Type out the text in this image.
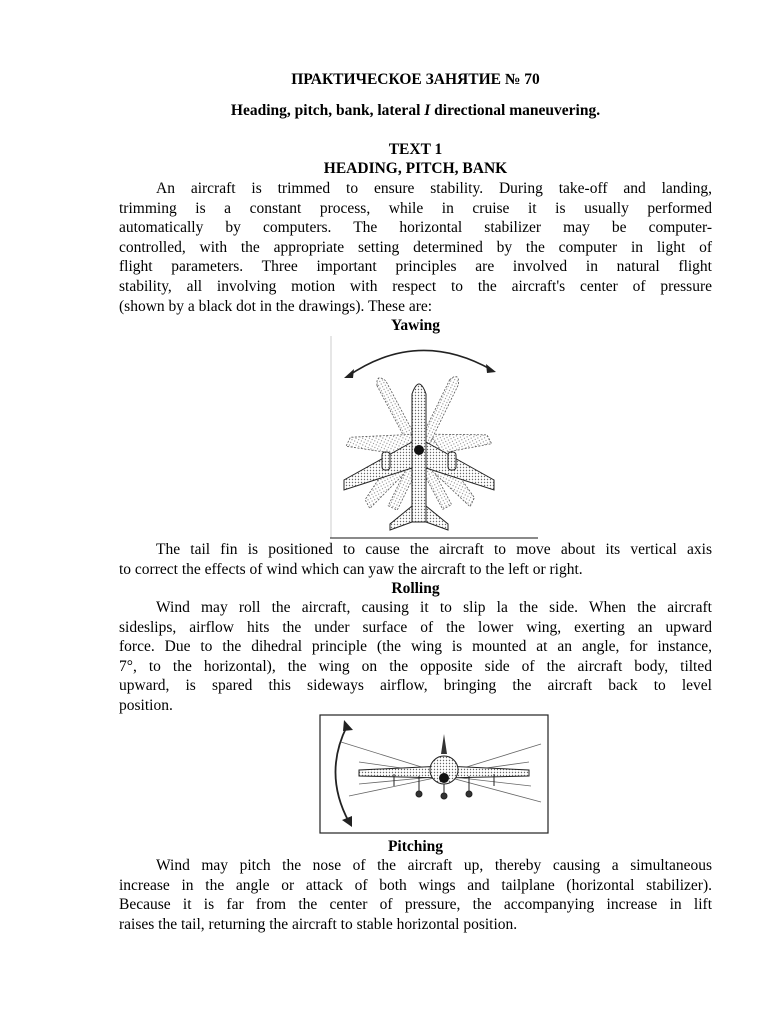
ПРАКТИЧЕСКОЕ ЗАНЯТИЕ № 70
Heading, pitch, bank, lateral I directional maneuvering.
TEXT 1
HEADING, PITCH, BANK
An aircraft is trimmed to ensure stability. During take-off and landing,
trimming is a constant process, while in cruise it is usually performed
automatically by computers. The horizontal stabilizer may be computer-
controlled, with the appropriate setting determined by the computer in light of
flight parameters. Three important principles are involved in natural flight
stability, all involving motion with respect to the aircraft's center of pressure
(shown by a black dot in the drawings). These are:
Yawing
The tail fin is positioned to cause the aircraft to move about its vertical axis
to correct the effects of wind which can yaw the aircraft to the left or right.
Rolling
Wind may roll the aircraft, causing it to slip la the side. When the aircraft
sideslips, airflow hits the under surface of the lower wing, exerting an upward
force. Due to the dihedral principle (the wing is mounted at an angle, for instance,
7°, to the horizontal), the wing on the opposite side of the aircraft body, tilted
upward, is spared this sideways airflow, bringing the aircraft back to level
position.
Pitching
Wind may pitch the nose of the aircraft up, thereby causing a simultaneous
increase in the angle or attack of both wings and tailplane (horizontal stabilizer).
Because it is far from the center of pressure, the accompanying increase in lift
raises the tail, returning the aircraft to stable horizontal position.
